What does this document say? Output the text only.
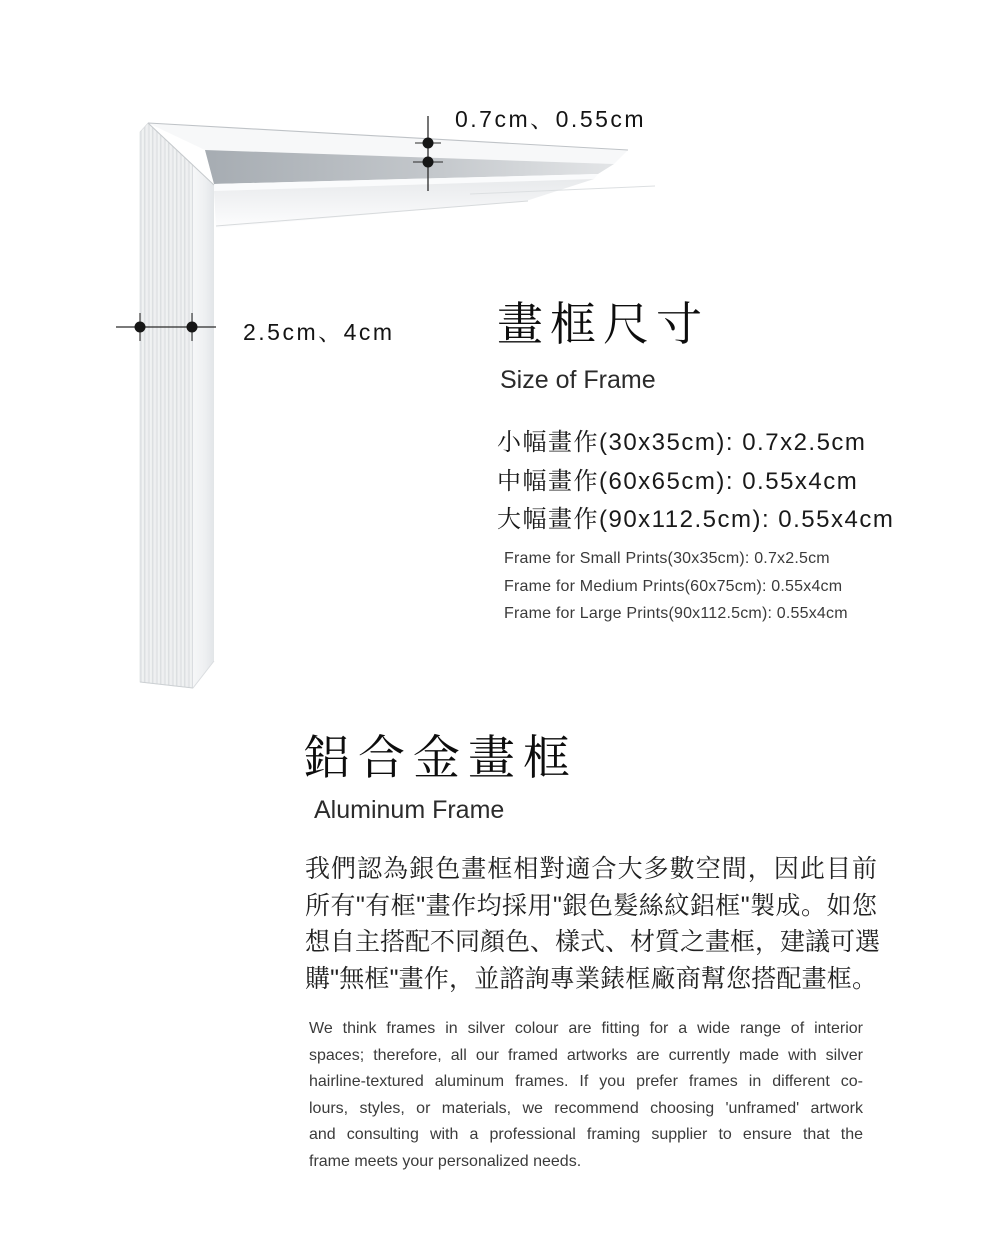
0.7cm、0.55cm
2.5cm、4cm 畫框尺寸
Size of Frame
小幅畫作(30x35cm): 0.7x2.5cm
中幅畫作(60x65cm): 0.55x4cm
大幅畫作(90x112.5cm): 0.55x4cm
Frame for Small Prints(30x35cm): 0.7x2.5cm
Frame for Medium Prints(60x75cm): 0.55x4cm
Frame for Large Prints(90x112.5cm): 0.55x4cm
鋁合金畫框
Aluminum Frame
我們認為銀色畫框相對適合大多數空間，因此目前
所有"有框"畫作均採用"銀色髮絲紋鋁框"製成。如您
想自主搭配不同顏色、樣式、材質之畫框，建議可選
購"無框"畫作，並諮詢專業錶框廠商幫您搭配畫框。
We think frames in silver colour are fitting for a wide range of interior
spaces; therefore, all our framed artworks are currently made with silver
hairline-textured aluminum frames. If you prefer frames in different co-
lours, styles, or materials, we recommend choosing 'unframed' artwork
and consulting with a professional framing supplier to ensure that the
frame meets your personalized needs.
